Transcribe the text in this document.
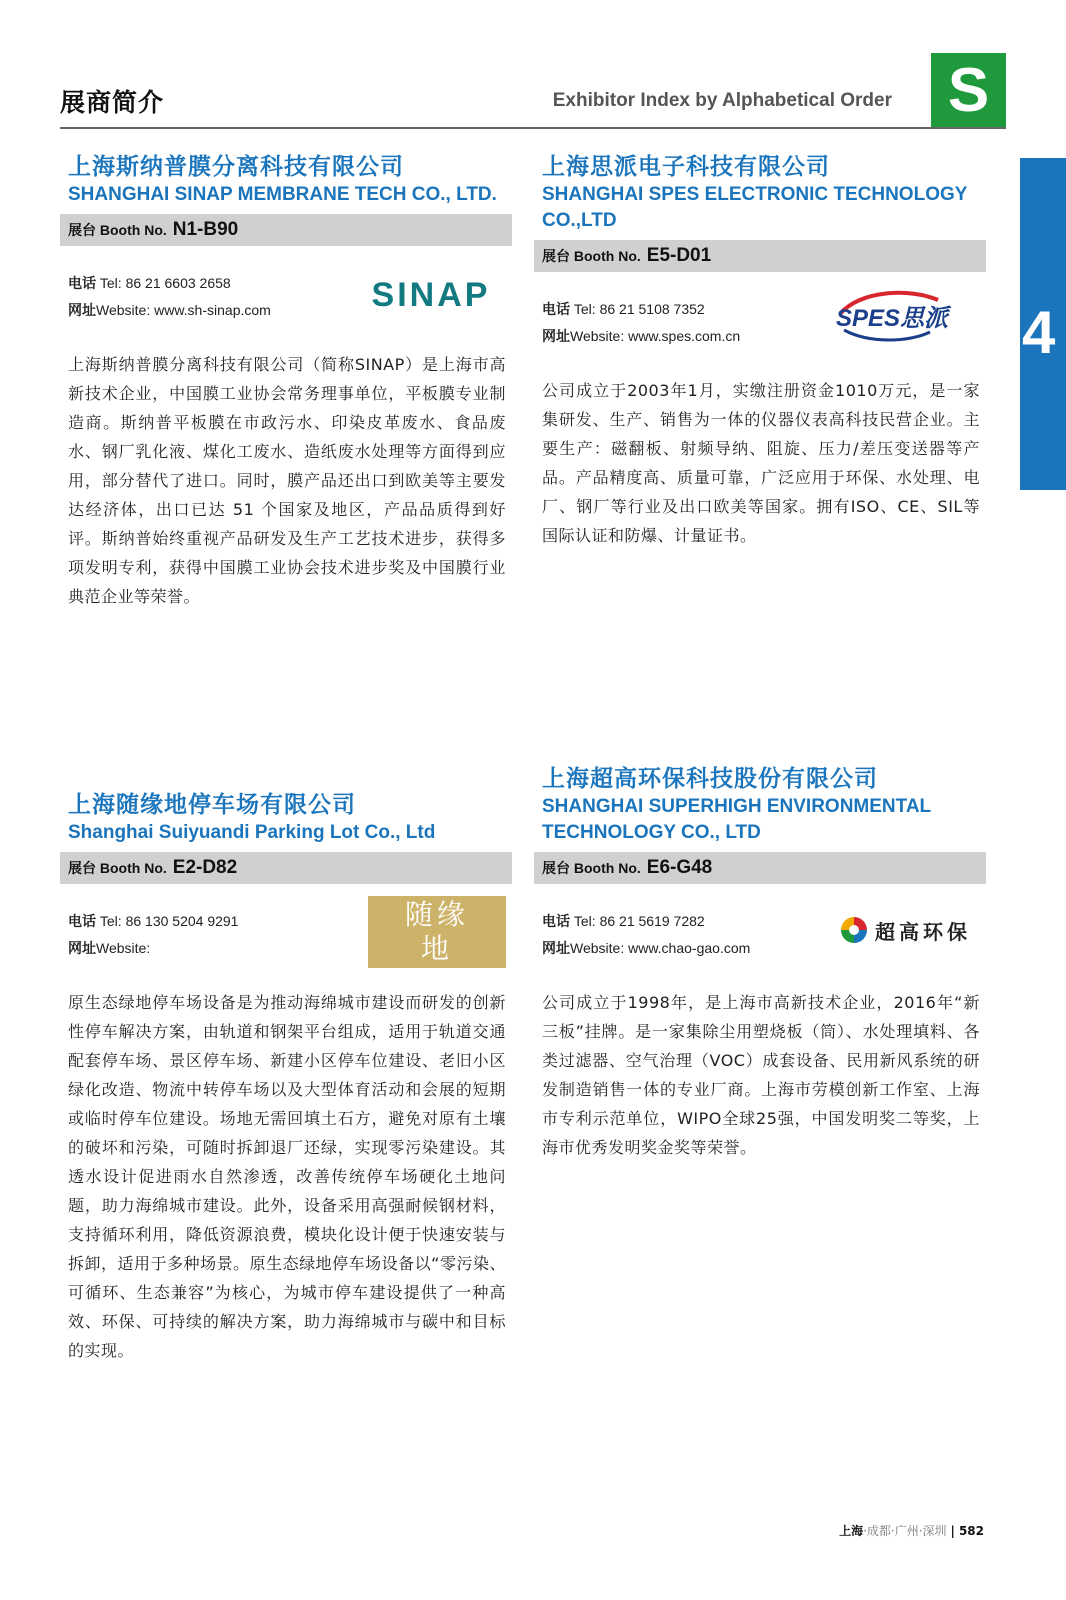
展商简介	Exhibitor Index by Alphabetical Order S
4
上海斯纳普膜分离科技有限公司
SHANGHAI SINAP MEMBRANE TECH CO., LTD.
展台
Booth No. N1-B90
电话 Tel: 86 21 6603 2658
网址Website: www.sh-sinap.com	SINAP
上海斯纳普膜分离科技有限公司（简称SINAP）是上海市高新技术企业，中国膜工业协会常务理事单位，平板膜专业制造商。斯纳普平板膜在市政污水、印染皮革废水、食品废水、钢厂乳化液、煤化工废水、造纸废水处理等方面得到应用，部分替代了进口。同时，膜产品还出口到欧美等主要发达经济体，出口已达 51 个国家及地区，产品品质得到好评。斯纳普始终重视产品研发及生产工艺技术进步，获得多项发明专利，获得中国膜工业协会技术进步奖及中国膜行业典范企业等荣誉。
上海思派电子科技有限公司
SHANGHAI SPES ELECTRONIC TECHNOLOGY CO.,LTD
展台
Booth No. E5-D01
电话 Tel: 86 21 5108 7352
网址Website: www.spes.com.cn
SPES思派
公司成立于2003年1月，实缴注册资金1010万元，是一家集研发、生产、销售为一体的仪器仪表高科技民营企业。主要生产：磁翻板、射频导纳、阻旋、压力/差压变送器等产品。产品精度高、质量可靠，广泛应用于环保、水处理、电厂、钢厂等行业及出口欧美等国家。拥有ISO、CE、SIL等国际认证和防爆、计量证书。
上海随缘地停车场有限公司
Shanghai Suiyuandi Parking Lot Co., Ltd
展台
Booth No. E2-D82
电话 Tel: 86 130 5204 9291
网址Website:
随缘地
原生态绿地停车场设备是为推动海绵城市建设而研发的创新性停车解决方案，由轨道和钢架平台组成，适用于轨道交通配套停车场、景区停车场、新建小区停车位建设、老旧小区绿化改造、物流中转停车场以及大型体育活动和会展的短期或临时停车位建设。场地无需回填土石方，避免对原有土壤的破坏和污染，可随时拆卸退厂还绿，实现零污染建设。其透水设计促进雨水自然渗透，改善传统停车场硬化土地问题，助力海绵城市建设。此外，设备采用高强耐候钢材料，支持循环利用，降低资源浪费，模块化设计便于快速安装与拆卸，适用于多种场景。原生态绿地停车场设备以“零污染、可循环、生态兼容”为核心，为城市停车建设提供了一种高效、环保、可持续的解决方案，助力海绵城市与碳中和目标的实现。
上海超高环保科技股份有限公司
SHANGHAI SUPERHIGH ENVIRONMENTAL TECHNOLOGY CO., LTD
展台
Booth No. E6-G48
电话 Tel: 86 21 5619 7282
网址Website: www.chao-gao.com
超高环保
公司成立于1998年，是上海市高新技术企业，2016年“新三板”挂牌。是一家集除尘用塑烧板（筒）、水处理填料、各类过滤器、空气治理（VOC）成套设备、民用新风系统的研发制造销售一体的专业厂商。上海市劳模创新工作室、上海市专利示范单位，WIPO全球25强，中国发明奖二等奖，上海市优秀发明奖金奖等荣誉。
上海·成都·广州·深圳 | 582
